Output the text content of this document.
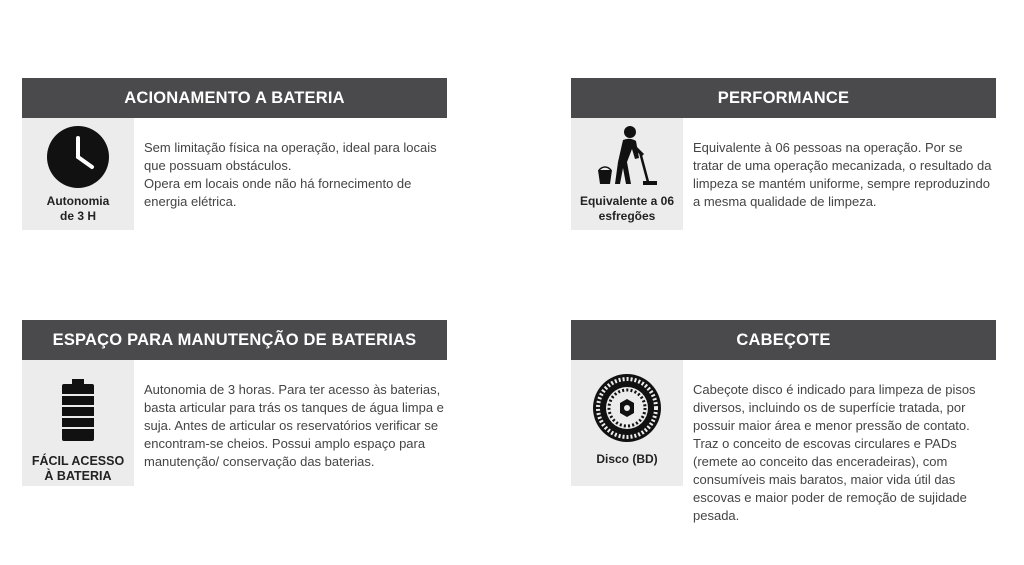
ACIONAMENTO A BATERIA
Autonomia
de 3 H

Sem limitação física na operação, ideal para locais que possuam obstáculos.

Opera em locais onde não há fornecimento de energia elétrica.

PERFORMANCE
Equivalente a 06
esfregões

Equivalente à 06 pessoas na operação. Por se tratar de uma operação mecanizada, o resultado da limpeza se mantém uniforme, sempre reproduzindo a mesma qualidade de limpeza.

ESPAÇO PARA MANUTENÇÃO DE BATERIAS
FÁCIL ACESSO
À BATERIA

Autonomia de 3 horas. Para ter acesso às baterias, basta articular para trás os tanques de água limpa e suja. Antes de articular os reservatórios verificar se encontram-se cheios. Possui amplo espaço para manutenção/ conservação das baterias.

CABEÇOTE
Disco (BD)

Cabeçote disco é indicado para limpeza de pisos diversos, incluindo os de superfície tratada, por possuir maior área e menor pressão de contato. Traz o conceito de escovas circulares e PADs (remete ao conceito das enceradeiras), com consumíveis mais baratos, maior vida útil das escovas e maior poder de remoção de sujidade pesada.
